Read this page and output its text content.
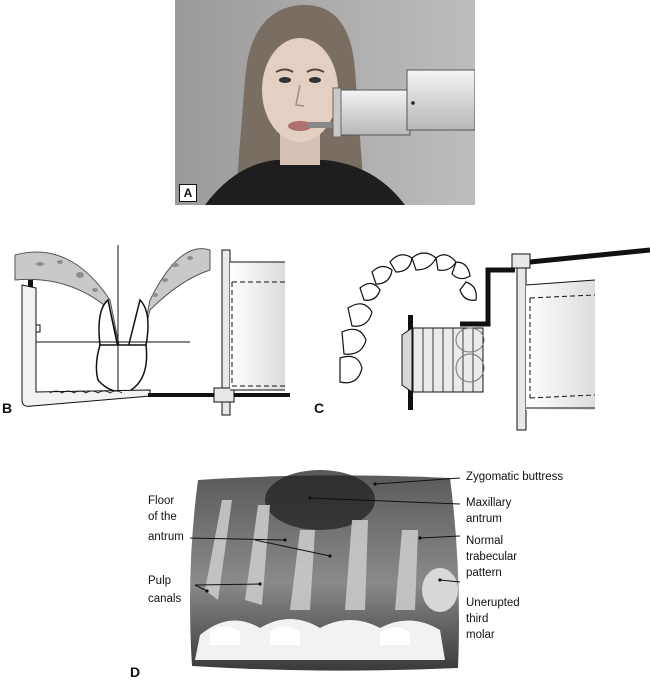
A
B	C
Zygomatic buttress
Maxillary
antrum
Normal
trabecular
pattern
Unerupted
third
molar
Floor
of the
antrum
Pulp
canals
D
